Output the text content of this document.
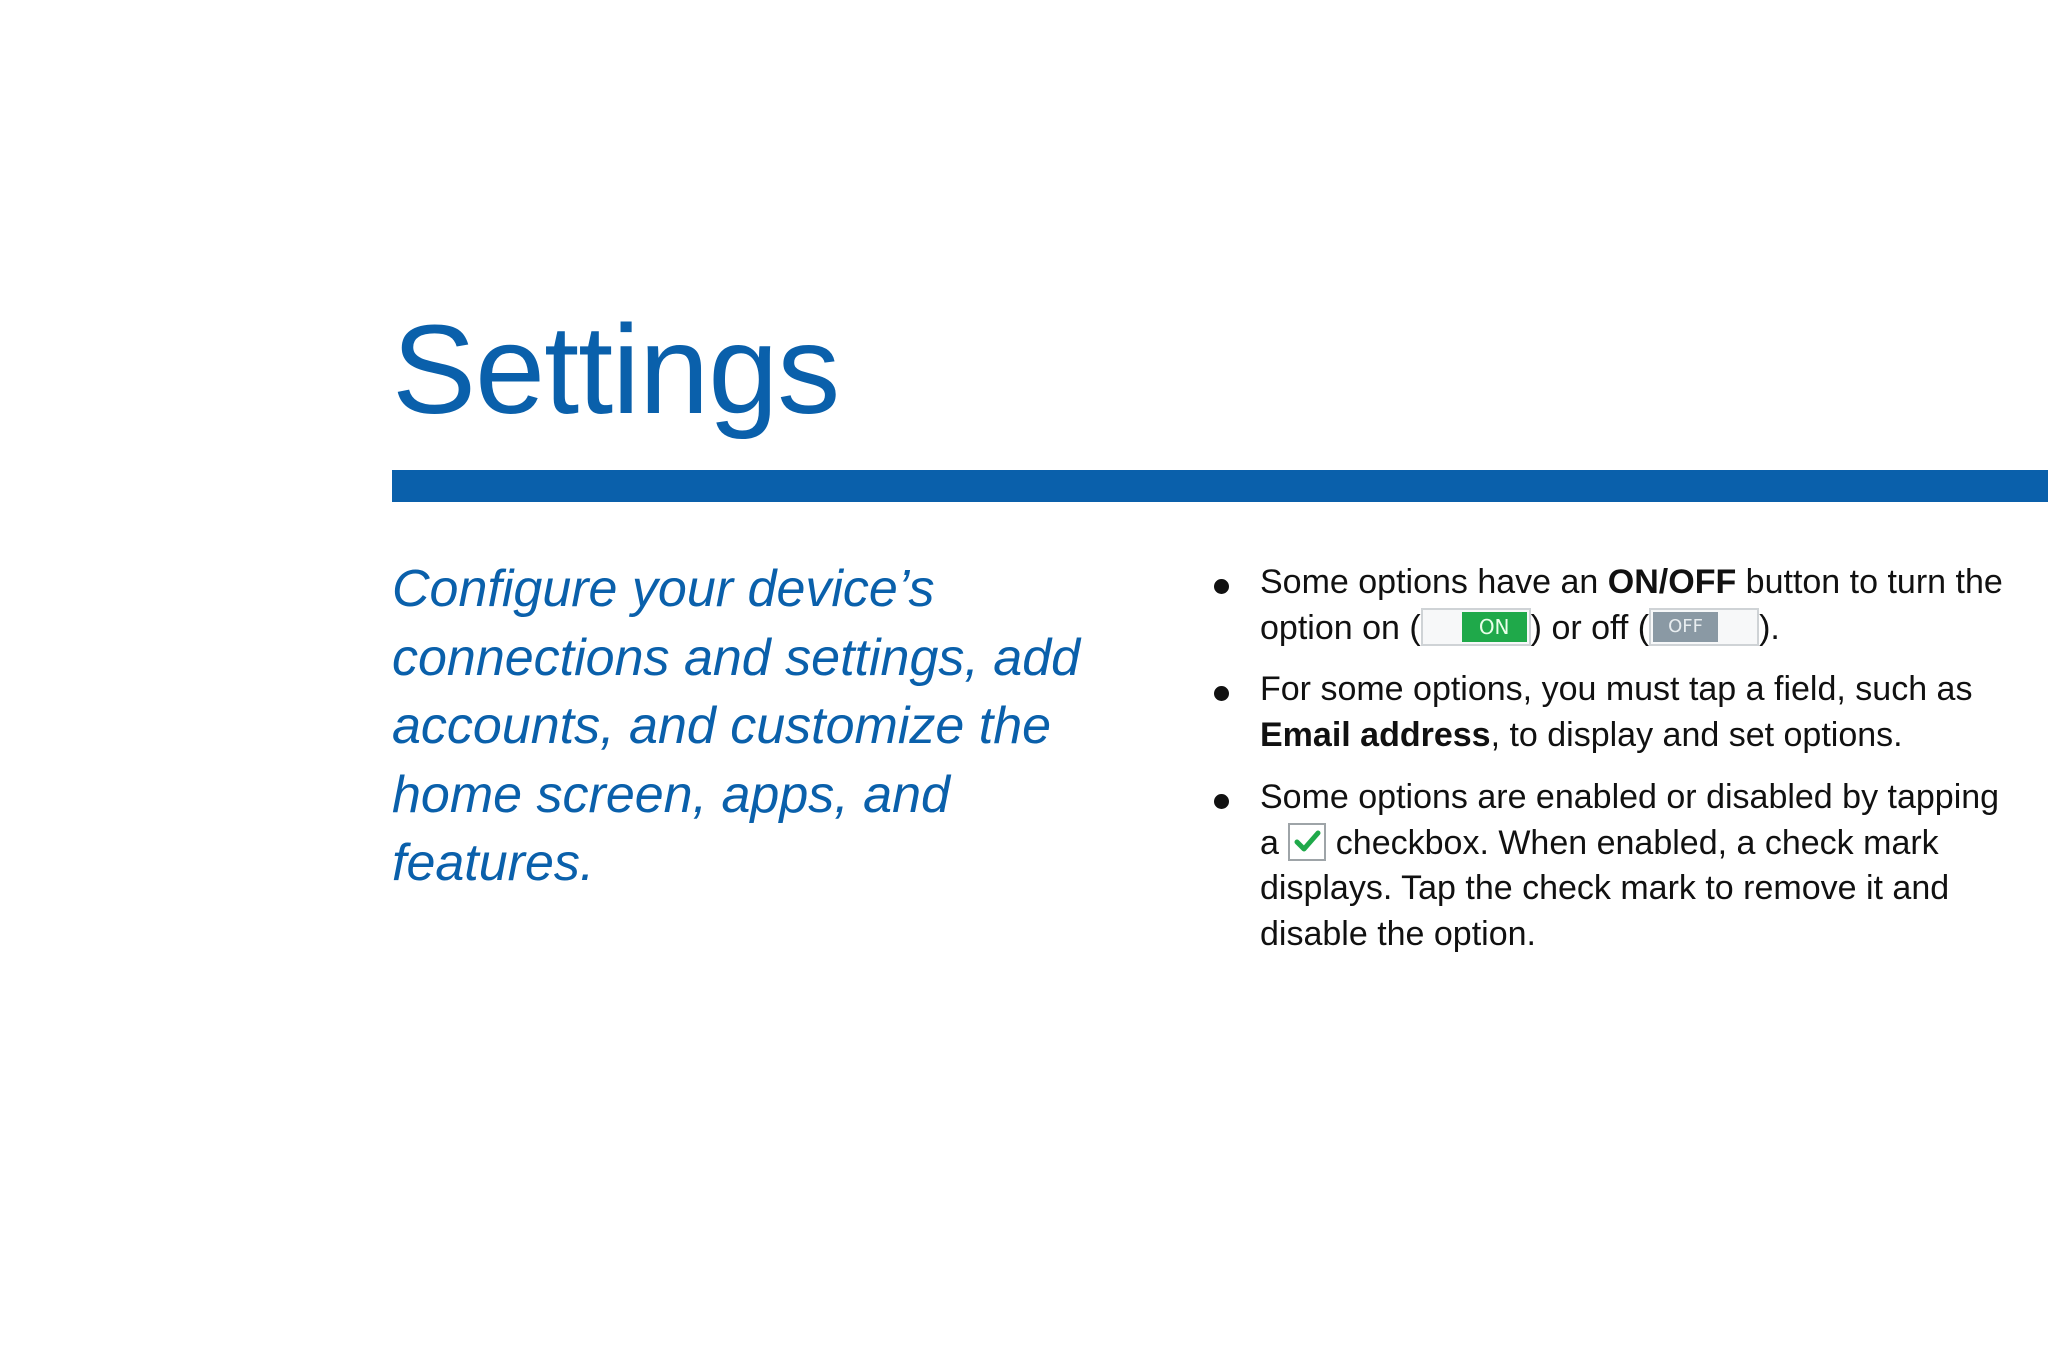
Settings

Configure your device’s connections and settings, add accounts, and customize the home screen, apps, and features.

Some options have an ON/OFF button to turn the option on (	ON ) or off (	OFF	).
For some options, you must tap a field, such as Email address, to display and set options.
Some options are enabled or disabled by tapping a
checkbox. When enabled, a check mark displays. Tap the check mark to remove it and disable the option.
